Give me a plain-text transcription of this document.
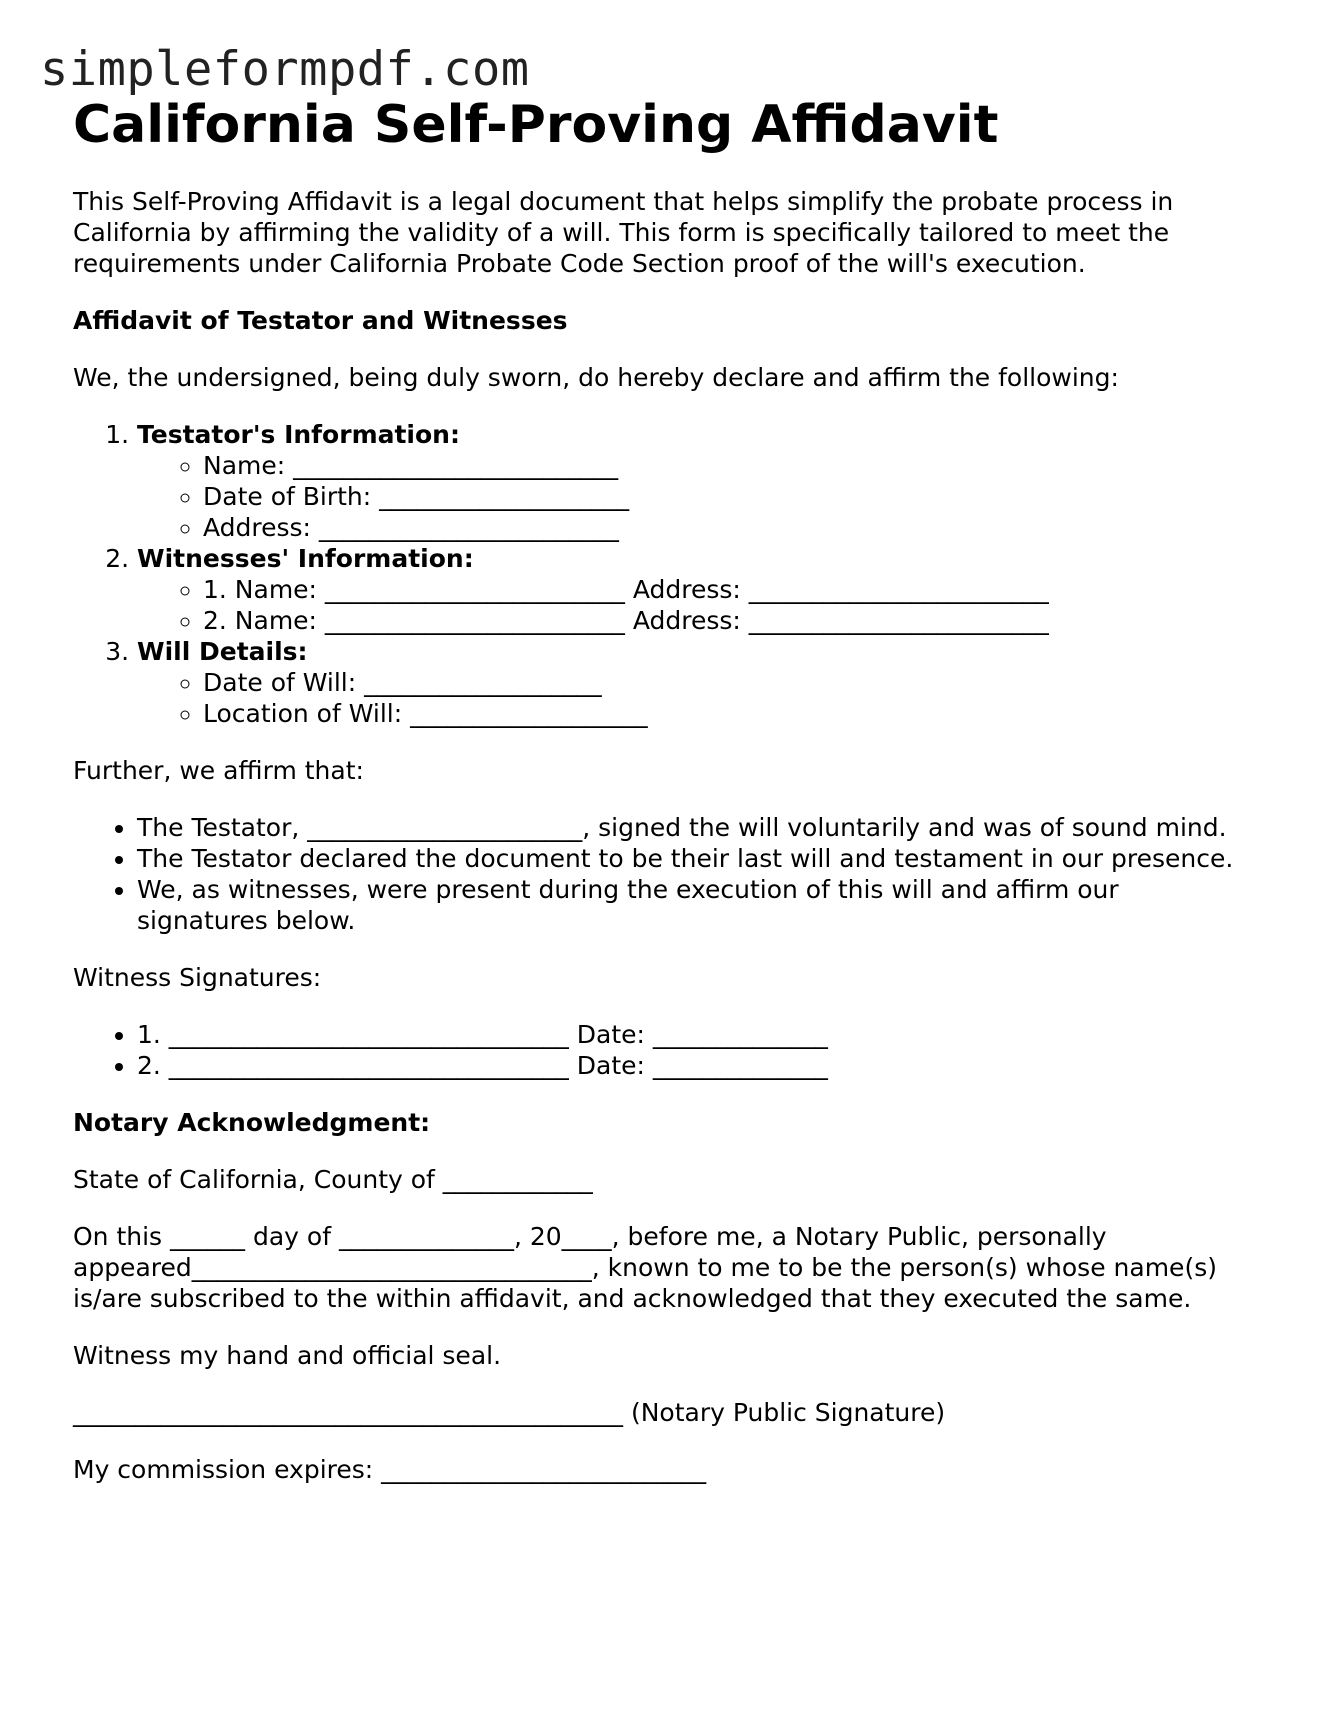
simpleformpdf.com
California Self-Proving Affidavit

This Self-Proving Affidavit is a legal document that helps simplify the probate process in California by affirming the validity of a will. This form is specifically tailored to meet the requirements under California Probate Code Section proof of the will's execution.

Affidavit of Testator and Witnesses

We, the undersigned, being duly sworn, do hereby declare and affirm the following:

1. Testator's Information:
◦ Name: __________________________
◦ Date of Birth: ____________________
◦ Address: ________________________
2. Witnesses' Information:
◦ 1. Name: ________________________ Address: ________________________
◦ 2. Name: ________________________ Address: ________________________
3. Will Details:
◦ Date of Will: ___________________
◦ Location of Will: ___________________

Further, we affirm that:

• The Testator, ______________________, signed the will voluntarily and was of sound mind.
• The Testator declared the document to be their last will and testament in our presence.
• We, as witnesses, were present during the execution of this will and affirm our signatures below.

Witness Signatures:

• 1. ________________________________ Date: ______________
• 2. ________________________________ Date: ______________

Notary Acknowledgment:

State of California, County of ____________

On this ______ day of ______________, 20____, before me, a Notary Public, personally appeared________________________________, known to me to be the person(s) whose name(s) is/are subscribed to the within affidavit, and acknowledged that they executed the same.

Witness my hand and official seal.

____________________________________________ (Notary Public Signature)

My commission expires: __________________________
